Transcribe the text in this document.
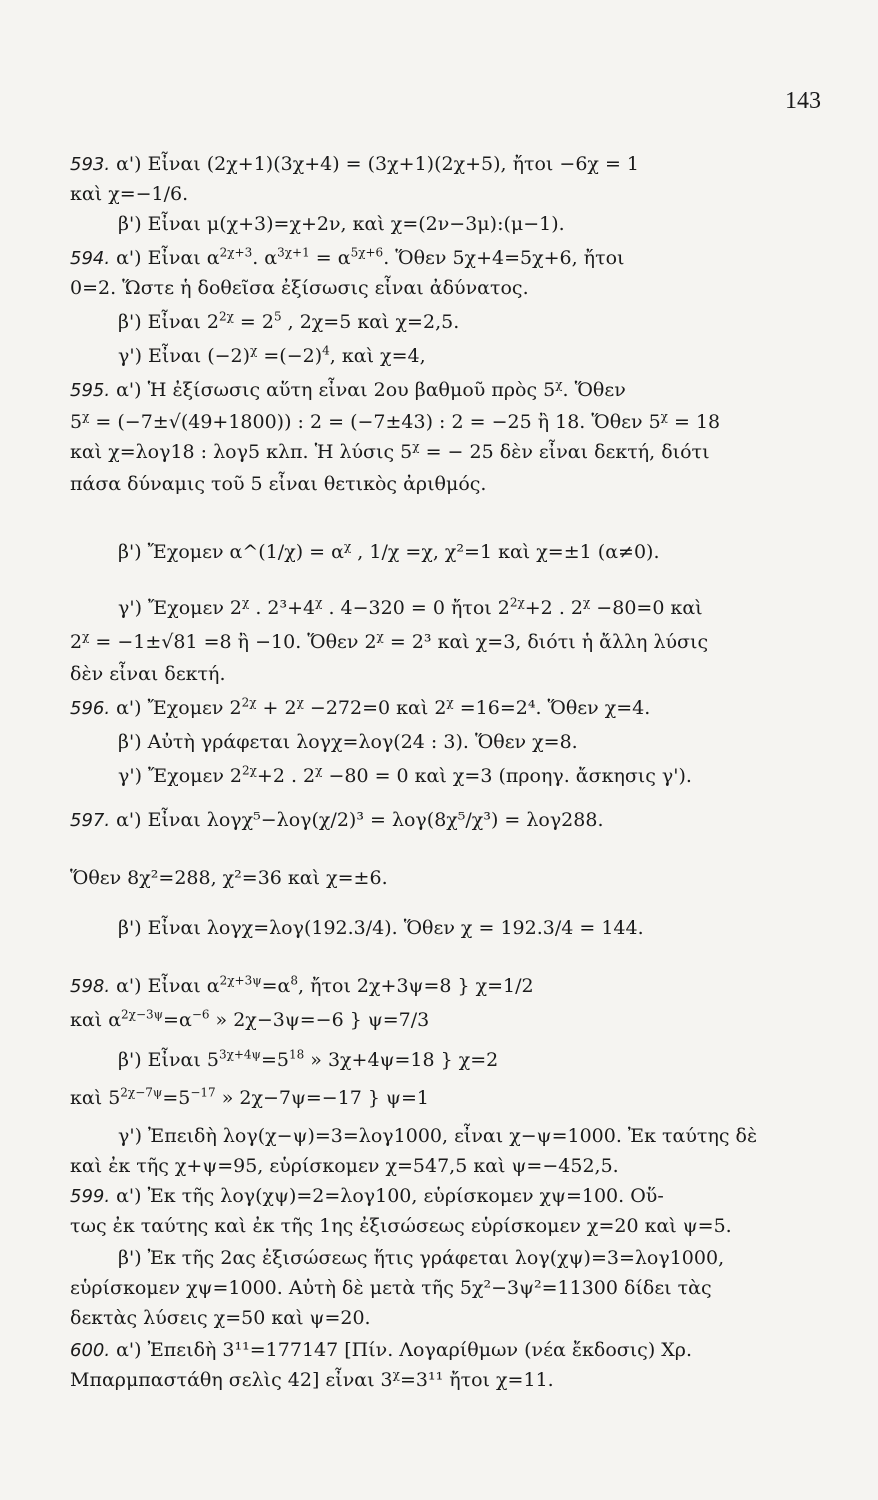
143
593. α') Εἶναι (2χ+1)(3χ+4) = (3χ+1)(2χ+5), ἤτοι −6χ = 1
καὶ χ=−1/6.
β') Εἶναι μ(χ+3)=χ+2ν, καὶ χ=(2ν−3μ):(μ−1).
594. α') Εἶναι $\alpha^{2\chi+3}$. $\alpha^{3\chi+1} = \alpha^{5\chi+6}$. Ὅθεν 5χ+4=5χ+6, ἤτοι
0=2. Ὥστε ἡ δοθεῖσα ἐξίσωσις εἶναι ἀδύνατος.
β') Εἶναι $2^{2\chi} = 2^5$ , 2χ=5 καὶ χ=2,5.
γ') Εἶναι $(-2)^\chi =(-2)^4$, καὶ χ=4,
595. α') Ἡ ἐξίσωσις αὕτη εἶναι 2ου βαθμοῦ πρὸς $5^\chi$. Ὅθεν
$5^\chi = (-7\pm√(49+1800))$ : 2 = (−7±43) : 2 = −25 ἢ 18. Ὅθεν $5^\chi = 18$
καὶ χ=λογ18 : λογ5 κλπ. Ἡ λύσις $5^\chi$ = − 25 δὲν εἶναι δεκτή, διότι
πάσα δύναμις τοῦ 5 εἶναι θετικὸς ἀριθμός.
β') Ἔχομεν α^(1/χ) = $\alpha^\chi$ , 1/χ =χ, χ²=1 καὶ χ=±1 (α≠0).
γ') Ἔχομεν $2^\chi$ . $2^3+4^\chi$ . 4−320 = 0 ἤτοι $2^{2\chi}+2$ . $2^\chi -80=0$ καὶ
$2^\chi = -1\pm√81 =8$ ἢ −10. Ὅθεν $2^\chi = 2^3$ καὶ χ=3, διότι ἡ ἄλλη λύσις
δὲν εἶναι δεκτή.
596. α') Ἔχομεν $2^{2\chi} + 2^\chi -272=0$ καὶ $2^\chi =16=2^4$. Ὅθεν χ=4.
β') Αὐτὴ γράφεται λογχ=λογ(24 : 3). Ὅθεν χ=8.
γ') Ἔχομεν $2^{2\chi}+2$ . $2^\chi -80 = 0$ καὶ χ=3 (προηγ. ἄσκησις γ').
597. α') Εἶναι λογχ⁵−λογ(χ/2)³ = λογ(8χ⁵/χ³) = λογ288.
Ὅθεν 8χ²=288, χ²=36 καὶ χ=±6.
β') Εἶναι λογχ=λογ(192.3/4). Ὅθεν χ = 192.3/4 = 144.
598. α') Εἶναι $\alpha^{2\chi+3\psi}=\alpha^8$, ἤτοι 2χ+3ψ=8 } χ=1/2
καὶ $\alpha^{2\chi-3\psi}=\alpha^{-6}$ » 2χ−3ψ=−6 } ψ=7/3
β') Εἶναι $5^{3\chi+4\psi}=5^{18}$ » 3χ+4ψ=18 } χ=2
καὶ $5^{2\chi-7\psi}=5^{-17}$ » 2χ−7ψ=−17 } ψ=1
γ') Ἐπειδὴ λογ(χ−ψ)=3=λογ1000, εἶναι χ−ψ=1000. Ἐκ ταύτης δὲ
καὶ ἐκ τῆς χ+ψ=95, εὑρίσκομεν χ=547,5 καὶ ψ=−452,5.
599. α') Ἐκ τῆς λογ(χψ)=2=λογ100, εὑρίσκομεν χψ=100. Οὕ-
τως ἐκ ταύτης καὶ ἐκ τῆς 1ης ἐξισώσεως εὑρίσκομεν χ=20 καὶ ψ=5.
β') Ἐκ τῆς 2ας ἐξισώσεως ἥτις γράφεται λογ(χψ)=3=λογ1000,
εὑρίσκομεν χψ=1000. Αὐτὴ δὲ μετὰ τῆς 5χ²−3ψ²=11300 δίδει τὰς
δεκτὰς λύσεις χ=50 καὶ ψ=20.
600. α') Ἐπειδὴ 3¹¹=177147 [Πίν. Λογαρίθμων (νέα ἔκδοσις) Χρ.
Μπαρμπαστάθη σελὶς 42] εἶναι $3^\chi=3^{11}$ ἤτοι χ=11.
